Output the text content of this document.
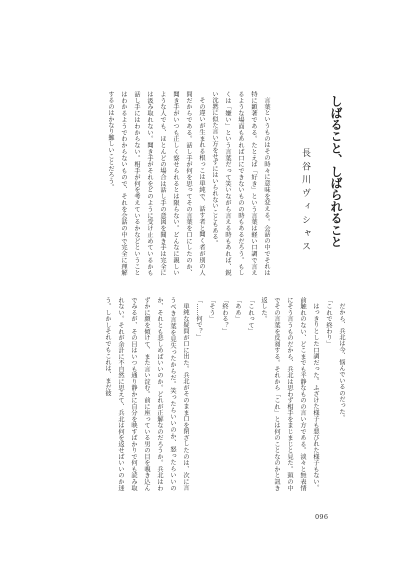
しばること、しばられること
長谷川ヴィシャス

言葉というものはその時々に意味を変える。会話の中でそれは特に顕著である。たとえば「好き」という言葉は軽い口調で言えるような場面もあれば口にできないものの時もあるだろう。もしくは「嫌い」という言葉だって笑いながら言える時もあれば、鋭い沈黙に似た言い方をせずにはいられないこともある。

その違いが生まれる根っこは単純で、話す者と聞く者が別の人間だからである。話し手が何を思ってその言葉を口にしたのか、聞き手がいつも正しく察せられるとは限らない。どんなに親しいような人でも、ほとんどの場合は話し手の意図を聞き手は完全には汲み取れない。聞き手がそれをどのように受け止めているかも話し手にはわからない。相手が何を考えているかなどということはわかるようでわからないもので、それを会話の中で完全に理解するのはかなり難しいことだろう。

だから、兵北は今、悩んでいるのだった。

「これで終わり」

はっきりとした口調だった。ふざけた様子も悪びれた様子もない。前触れのない、どこまでも平静なものの言い方である。淡々と無表情にそう言うものだから、兵北は思わず相手をまじまじと見た。頭の中でその言葉を反芻する。それから「これ」とは何のことなのかと訊き返した。

「これって」

「ああ」

「終わる？」

「そう」

「……何で？」

単純な疑問が口に出た。兵北がそのまま口を閉ざしたのは、次に言うべき言葉を見失ったからだ。笑ったらいいのか、怒ったらいいのか、それとも悲しめばいいのか。どれが正解なのだろうか。兵北はわずかに顔を傾けて、また言い淀む。前に座っている男の目を覗き込んでみるが、その目はいつも通り静かに自分を映すばかりで何も読み取れない。それが余計に不自然に思えて、兵北は何を返せばいいのか迷う。しかしそれでもこれは、まだ彼

096
